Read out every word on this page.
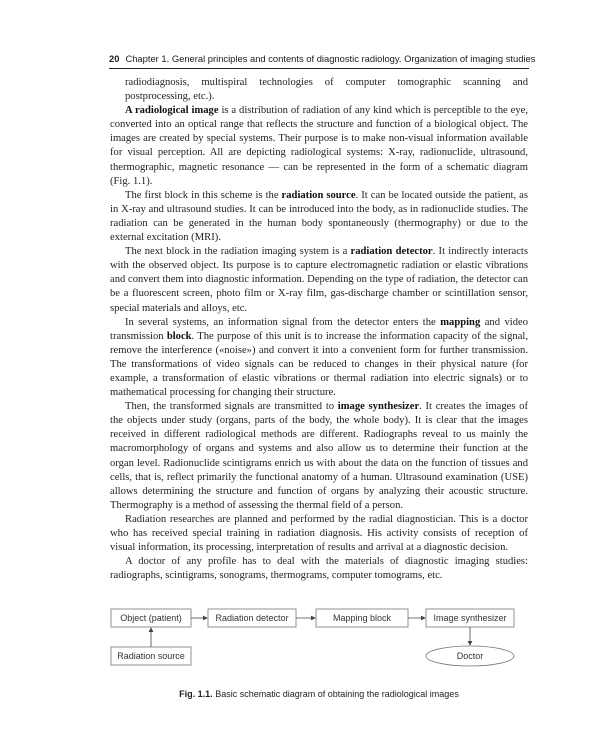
20 Chapter 1. General principles and contents of diagnostic radiology. Organization of imaging studies

radiodiagnosis, multispiral technologies of computer tomographic scanning and postprocessing, etc.).

A radiological image is a distribution of radiation of any kind which is perceptible to the eye, converted into an optical range that reflects the structure and function of a biological object. The images are created by special systems. Their purpose is to make non-visual information available for visual perception. All are depicting radiological systems: X-ray, radionuclide, ultrasound, thermographic, magnetic resonance — can be represented in the form of a schematic diagram (Fig. 1.1).

The first block in this scheme is the radiation source. It can be located outside the patient, as in X-ray and ultrasound studies. It can be introduced into the body, as in radionuclide studies. The radiation can be generated in the human body spontaneously (thermography) or due to the external excitation (MRI).

The next block in the radiation imaging system is a radiation detector. It indirectly interacts with the observed object. Its purpose is to capture electromagnetic radiation or elastic vibrations and convert them into diagnostic information. Depending on the type of radiation, the detector can be a fluorescent screen, photo film or X-ray film, gas-discharge chamber or scintillation sensor, special materials and alloys, etc.

In several systems, an information signal from the detector enters the mapping and video transmission block. The purpose of this unit is to increase the information capacity of the signal, remove the interference («noise») and convert it into a convenient form for further transmission. The transformations of video signals can be reduced to changes in their physical nature (for example, a transformation of elastic vibrations or thermal radiation into electric signals) or to mathematical processing for changing their structure.

Then, the transformed signals are transmitted to image synthesizer. It creates the images of the objects under study (organs, parts of the body, the whole body). It is clear that the images received in different radiological methods are different. Radiographs reveal to us mainly the macromorphology of organs and systems and also allow us to determine their function at the organ level. Radionuclide scintigrams enrich us with about the data on the function of tissues and cells, that is, reflect primarily the functional anatomy of a human. Ultrasound examination (USE) allows determining the structure and function of organs by analyzing their acoustic structure. Thermography is a method of assessing the thermal field of a person.

Radiation researches are planned and performed by the radial diagnostician. This is a doctor who has received special training in radiation diagnosis. His activity consists of reception of visual information, its processing, interpretation of results and arrival at a diagnostic decision.

A doctor of any profile has to deal with the materials of diagnostic imaging studies: radiographs, scintigrams, sonograms, thermograms, computer tomograms, etc.

Object (patient)	Radiation detector	Mapping block	Image synthesizer
Radiation source	Doctor
Fig. 1.1. Basic schematic diagram of obtaining the radiological images
